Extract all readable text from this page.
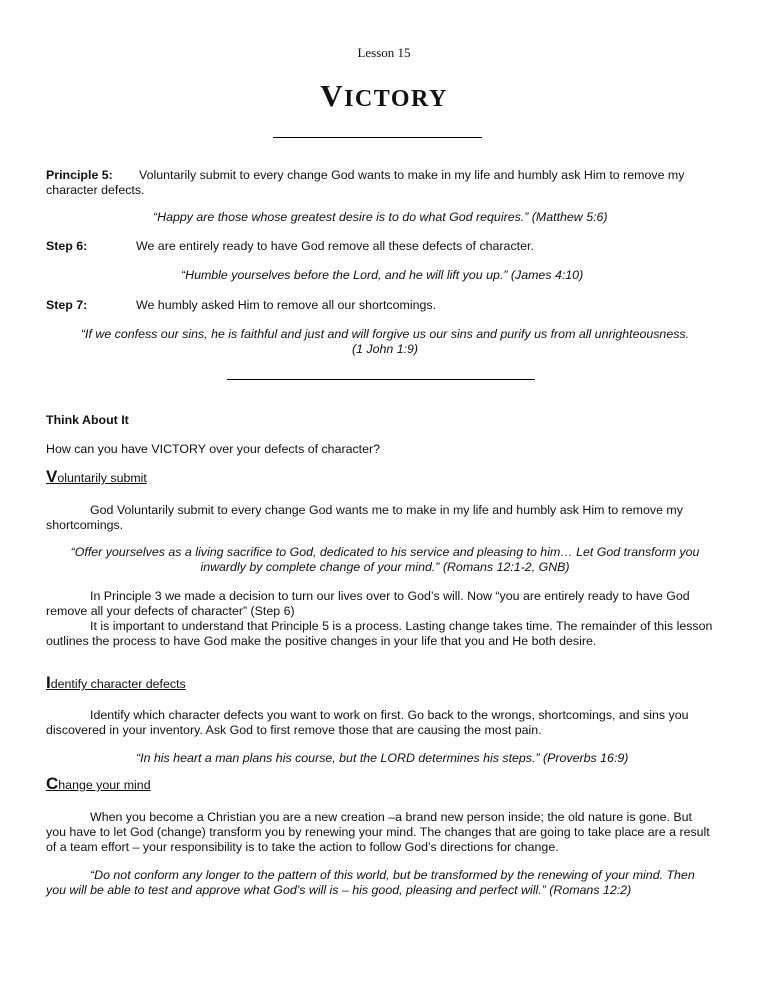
Lesson 15
VICTORY
Principle 5: Voluntarily submit to every change God wants to make in my life and humbly ask Him to remove my
character defects.
“Happy are those whose greatest desire is to do what God requires.” (Matthew 5:6)
Step 6:	We are entirely ready to have God remove all these defects of character.
“Humble yourselves before the Lord, and he will lift you up.” (James 4:10)
Step 7:	We humbly asked Him to remove all our shortcomings.
“If we confess our sins, he is faithful and just and will forgive us our sins and purify us from all unrighteousness.
(1 John 1:9)
Think About It
How can you have VICTORY over your defects of character?
Voluntarily submit
God Voluntarily submit to every change God wants me to make in my life and humbly ask Him to remove my
shortcomings.
“Offer yourselves as a living sacrifice to God, dedicated to his service and pleasing to him… Let God transform you
inwardly by complete change of your mind.” (Romans 12:1-2, GNB)
In Principle 3 we made a decision to turn our lives over to God’s will. Now “you are entirely ready to have God
remove all your defects of character” (Step 6)
It is important to understand that Principle 5 is a process. Lasting change takes time. The remainder of this lesson
outlines the process to have God make the positive changes in your life that you and He both desire.
Identify character defects
Identify which character defects you want to work on first. Go back to the wrongs, shortcomings, and sins you
discovered in your inventory. Ask God to first remove those that are causing the most pain.
“In his heart a man plans his course, but the LORD determines his steps.” (Proverbs 16:9)
Change your mind
When you become a Christian you are a new creation –a brand new person inside; the old nature is gone. But
you have to let God (change) transform you by renewing your mind. The changes that are going to take place are a result
of a team effort – your responsibility is to take the action to follow God’s directions for change.
“Do not conform any longer to the pattern of this world, but be transformed by the renewing of your mind. Then
you will be able to test and approve what God’s will is – his good, pleasing and perfect will.” (Romans 12:2)
